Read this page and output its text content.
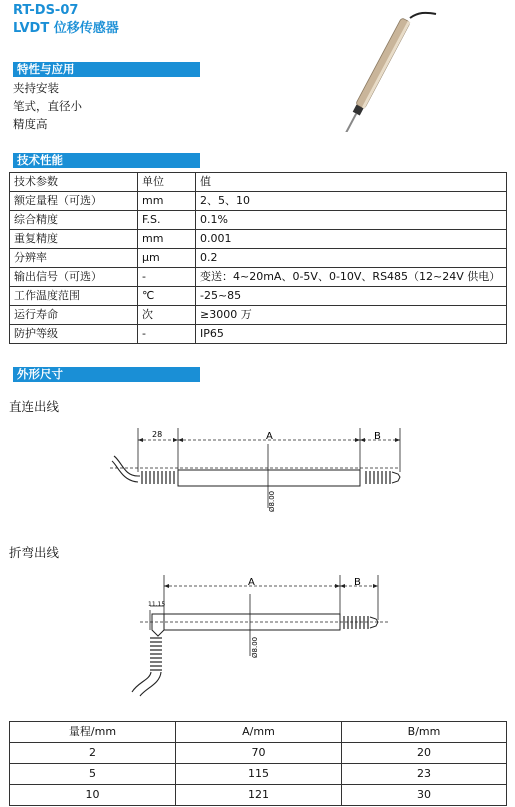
RT-DS-07
LVDT 位移传感器
特性与应用
夹持安装
笔式，直径小
精度高
技术性能
技术参数	单位	值
额定量程（可选）	mm	2、5、10
综合精度	F.S.	0.1%
重复精度	mm	0.001
分辨率	μm	0.2
输出信号（可选）	-	变送：4~20mA、0-5V、0-10V、RS485（12~24V 供电）
工作温度范围	℃	-25~85
运行寿命	次	≥3000 万
防护等级	-	IP65
外形尺寸
直连出线
28	A	B
Ø8.00
折弯出线
11.15
A	B
Ø8.00
量程/mm	A/mm	B/mm
2	70	20
5	115	23
10	121	30
